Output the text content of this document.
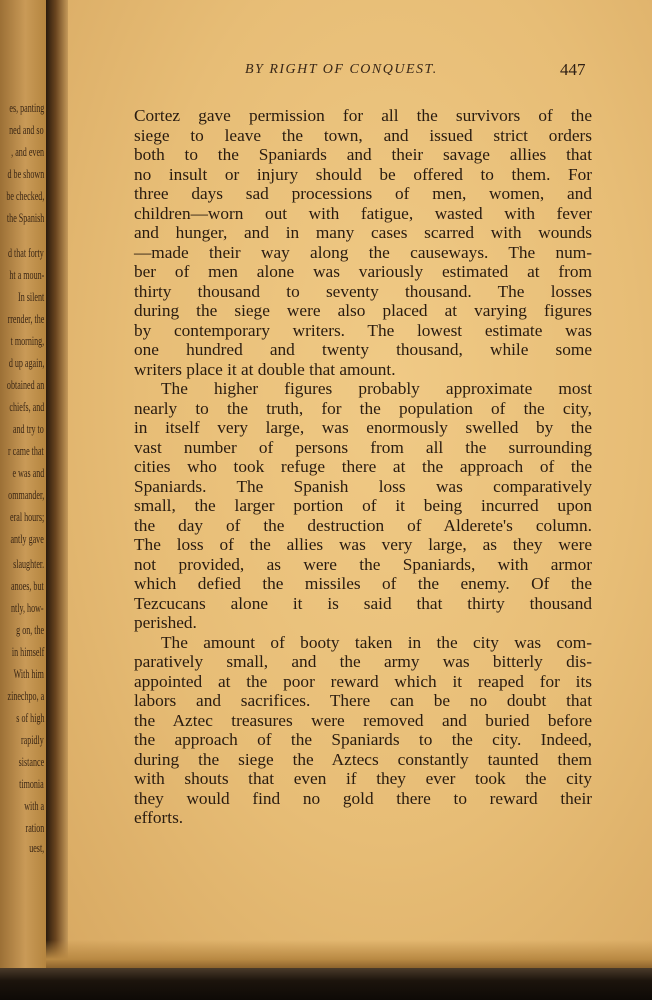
es, panting
ned and so
, and even
d be shown
be checked,
the Spanish
d that forty
ht a moun-
In silent
rrender, the
t morning,
d up again,
obtained an
chiefs, and
and try to
r came that
e was and
ommander,
eral hours;
antly gave
slaughter.
anoes, but
ntly, how-
g on, the
in himself
With him
zinechpo, a
s of high
rapidly
sistance
timonia
with a
ration
uest,
BY RIGHT OF CONQUEST.	447
Cortez gave permission for all the survivors of the
siege to leave the town, and issued strict orders
both to the Spaniards and their savage allies that
no insult or injury should be offered to them. For
three days sad processions of men, women, and
children—worn out with fatigue, wasted with fever
and hunger, and in many cases scarred with wounds
—made their way along the causeways. The num-
ber of men alone was variously estimated at from
thirty thousand to seventy thousand. The losses
during the siege were also placed at varying figures
by contemporary writers. The lowest estimate was
one hundred and twenty thousand, while some
writers place it at double that amount.
The higher figures probably approximate most
nearly to the truth, for the population of the city,
in itself very large, was enormously swelled by the
vast number of persons from all the surrounding
cities who took refuge there at the approach of the
Spaniards. The Spanish loss was comparatively
small, the larger portion of it being incurred upon
the day of the destruction of Alderete's column.
The loss of the allies was very large, as they were
not provided, as were the Spaniards, with armor
which defied the missiles of the enemy. Of the
Tezcucans alone it is said that thirty thousand
perished.
The amount of booty taken in the city was com-
paratively small, and the army was bitterly dis-
appointed at the poor reward which it reaped for its
labors and sacrifices. There can be no doubt that
the Aztec treasures were removed and buried before
the approach of the Spaniards to the city. Indeed,
during the siege the Aztecs constantly taunted them
with shouts that even if they ever took the city
they would find no gold there to reward their
efforts.
